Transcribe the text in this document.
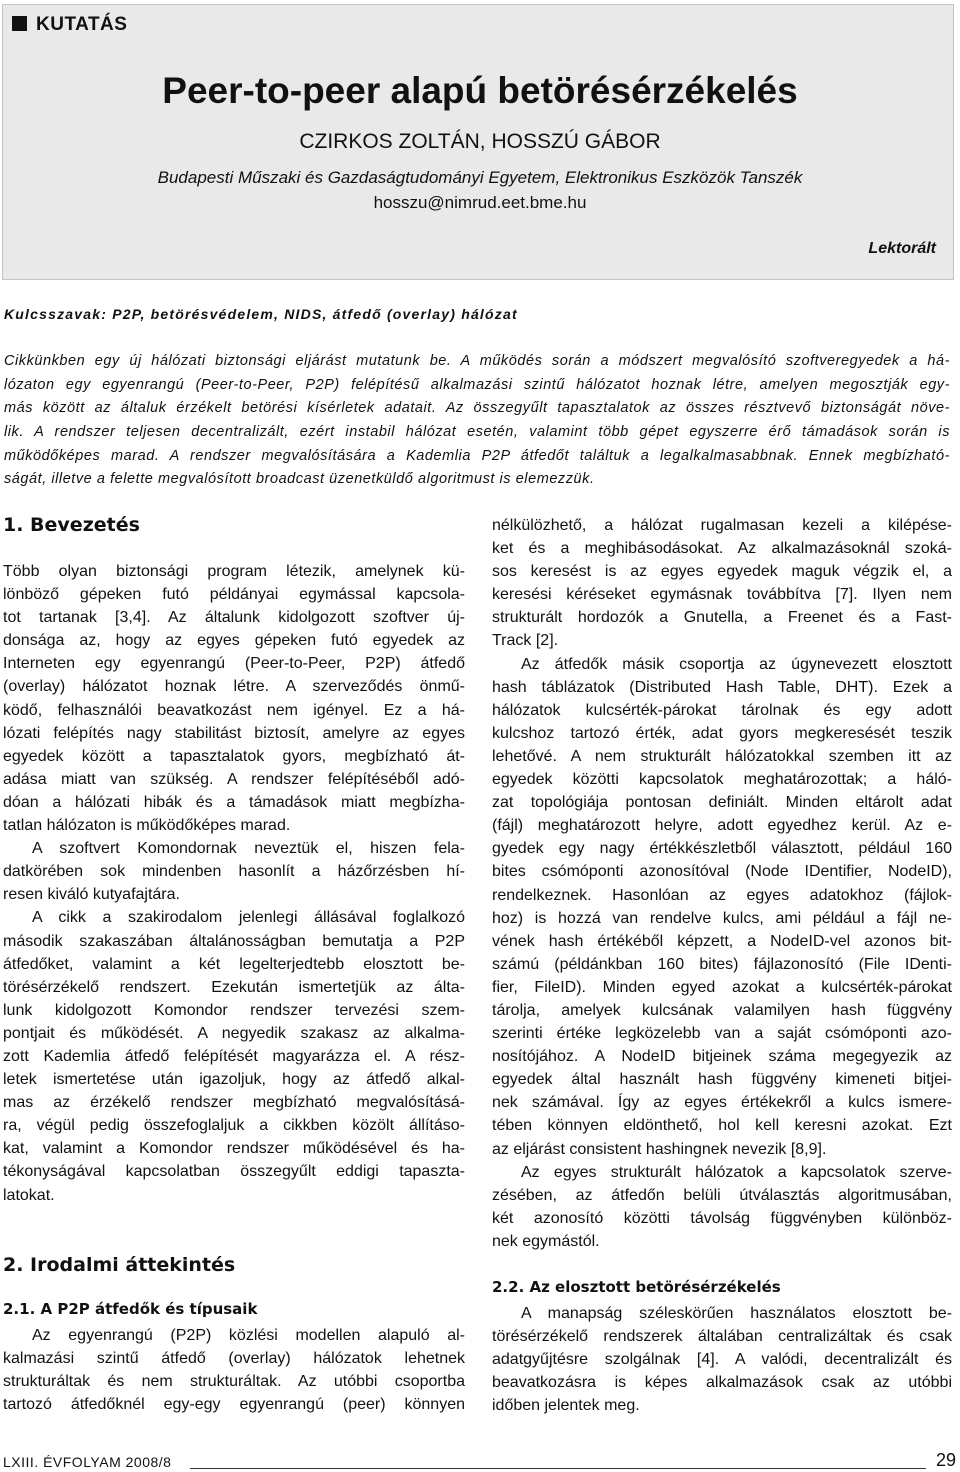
KUTATÁS
Peer-to-peer alapú betörésérzékelés
CZIRKOS ZOLTÁN, HOSSZÚ GÁBOR
Budapesti Műszaki és Gazdaságtudományi Egyetem, Elektronikus Eszközök Tanszék
hosszu@nimrud.eet.bme.hu
Lektorált
Kulcsszavak: P2P, betörésvédelem, NIDS, átfedő (overlay) hálózat
Cikkünkben egy új hálózati biztonsági eljárást mutatunk be. A működés során a módszert megvalósító szoftveregyedek a há-
lózaton egy egyenrangú (Peer-to-Peer, P2P) felépítésű alkalmazási szintű hálózatot hoznak létre, amelyen megosztják egy-
más között az általuk érzékelt betörési kísérletek adatait. Az összegyűlt tapasztalatok az összes résztvevő biztonságát növe-
lik. A rendszer teljesen decentralizált, ezért instabil hálózat esetén, valamint több gépet egyszerre érő támadások során is
működőképes marad. A rendszer megvalósítására a Kademlia P2P átfedőt találtuk a legalkalmasabbnak. Ennek megbízható-
ságát, illetve a felette megvalósított broadcast üzenetküldő algoritmust is elemezzük.
1. Bevezetés
Több olyan biztonsági program létezik, amelynek kü-
lönböző gépeken futó példányai egymással kapcsola-
tot tartanak [3,4]. Az általunk kidolgozott szoftver új-
donsága az, hogy az egyes gépeken futó egyedek az
Interneten egy egyenrangú (Peer-to-Peer, P2P) átfedő
(overlay) hálózatot hoznak létre. A szerveződés önmű-
ködő, felhasználói beavatkozást nem igényel. Ez a há-
lózati felépítés nagy stabilitást biztosít, amelyre az egyes
egyedek között a tapasztalatok gyors, megbízható át-
adása miatt van szükség. A rendszer felépítéséből adó-
dóan a hálózati hibák és a támadások miatt megbízha-
tatlan hálózaton is működőképes marad.
A szoftvert Komondornak neveztük el, hiszen fela-
datkörében sok mindenben hasonlít a házőrzésben hí-
resen kiváló kutyafajtára.
A cikk a szakirodalom jelenlegi állásával foglalkozó
második szakaszában általánosságban bemutatja a P2P
átfedőket, valamint a két legelterjedtebb elosztott be-
törésérzékelő rendszert. Ezekután ismertetjük az álta-
lunk kidolgozott Komondor rendszer tervezési szem-
pontjait és működését. A negyedik szakasz az alkalma-
zott Kademlia átfedő felépítését magyarázza el. A rész-
letek ismertetése után igazoljuk, hogy az átfedő alkal-
mas az érzékelő rendszer megbízható megvalósításá-
ra, végül pedig összefoglaljuk a cikkben közölt állításo-
kat, valamint a Komondor rendszer működésével és ha-
tékonyságával kapcsolatban összegyűlt eddigi tapaszta-
latokat.
2. Irodalmi áttekintés
2.1. A P2P átfedők és típusaik
Az egyenrangú (P2P) közlési modellen alapuló al-
kalmazási szintű átfedő (overlay) hálózatok lehetnek
strukturáltak és nem strukturáltak. Az utóbbi csoportba
tartozó átfedőknél egy-egy egyenrangú (peer) könnyen
nélkülözhető, a hálózat rugalmasan kezeli a kilépése-
ket és a meghibásodásokat. Az alkalmazásoknál szoká-
sos keresést is az egyes egyedek maguk végzik el, a
keresési kéréseket egymásnak továbbítva [7]. Ilyen nem
strukturált hordozók a Gnutella, a Freenet és a Fast-
Track [2].
Az átfedők másik csoportja az úgynevezett elosztott
hash táblázatok (Distributed Hash Table, DHT). Ezek a
hálózatok kulcsérték-párokat tárolnak és egy adott
kulcshoz tartozó érték, adat gyors megkeresését teszik
lehetővé. A nem strukturált hálózatokkal szemben itt az
egyedek közötti kapcsolatok meghatározottak; a háló-
zat topológiája pontosan definiált. Minden eltárolt adat
(fájl) meghatározott helyre, adott egyedhez kerül. Az e-
gyedek egy nagy értékkészletből választott, például 160
bites csómóponti azonosítóval (Node IDentifier, NodeID),
rendelkeznek. Hasonlóan az egyes adatokhoz (fájlok-
hoz) is hozzá van rendelve kulcs, ami például a fájl ne-
vének hash értékéből képzett, a NodeID-vel azonos bit-
számú (példánkban 160 bites) fájlazonosító (File IDenti-
fier, FileID). Minden egyed azokat a kulcsérték-párokat
tárolja, amelyek kulcsának valamilyen hash függvény
szerinti értéke legközelebb van a saját csómóponti azo-
nosítójához. A NodeID bitjeinek száma megegyezik az
egyedek által használt hash függvény kimeneti bitjei-
nek számával. Így az egyes értékekről a kulcs ismere-
tében könnyen eldönthető, hol kell keresni azokat. Ezt
az eljárást consistent hashingnek nevezik [8,9].
Az egyes strukturált hálózatok a kapcsolatok szerve-
zésében, az átfedőn belüli útválasztás algoritmusában,
két azonosító közötti távolság függvényben különböz-
nek egymástól.
2.2. Az elosztott betörésérzékelés
A manapság széleskörűen használatos elosztott be-
törésérzékelő rendszerek általában centralizáltak és csak
adatgyűjtésre szolgálnak [4]. A valódi, decentralizált és
beavatkozásra is képes alkalmazások csak az utóbbi
időben jelentek meg.
LXIII. ÉVFOLYAM 2008/8	29
